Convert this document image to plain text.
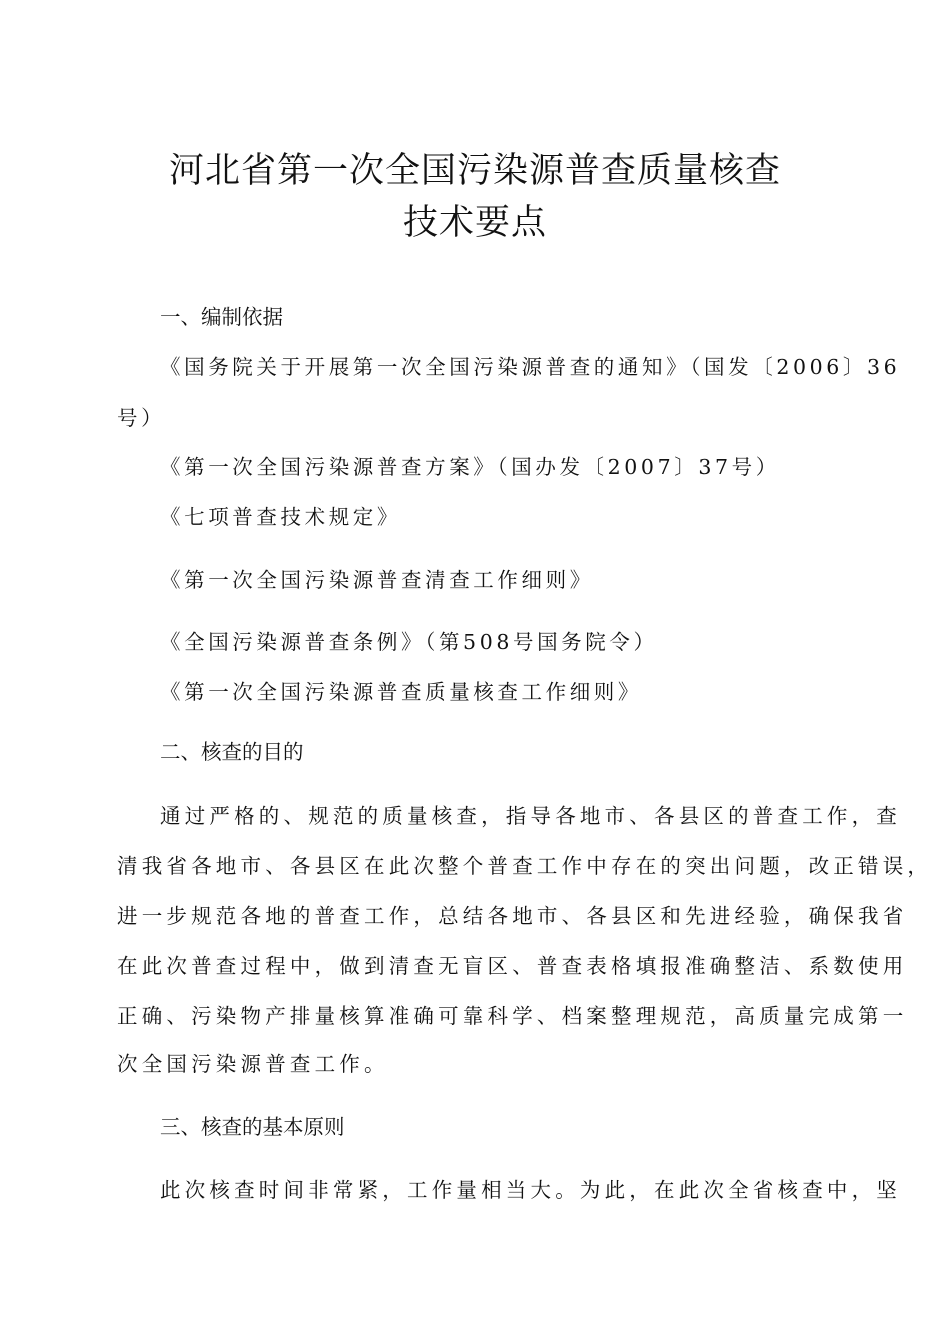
河北省第一次全国污染源普查质量核查
技术要点

一、编制依据

《国务院关于开展第一次全国污染源普查的通知》（国发〔2006〕36

号）

《第一次全国污染源普查方案》（国办发〔2007〕37号）

《七项普查技术规定》

《第一次全国污染源普查清查工作细则》

《全国污染源普查条例》（第508号国务院令）

《第一次全国污染源普查质量核查工作细则》

二、核查的目的

通过严格的、规范的质量核查，指导各地市、各县区的普查工作，查

清我省各地市、各县区在此次整个普查工作中存在的突出问题，改正错误，

进一步规范各地的普查工作，总结各地市、各县区和先进经验，确保我省

在此次普查过程中，做到清查无盲区、普查表格填报准确整洁、系数使用

正确、污染物产排量核算准确可靠科学、档案整理规范，高质量完成第一

次全国污染源普查工作。

三、核查的基本原则

此次核查时间非常紧，工作量相当大。为此，在此次全省核查中，坚
